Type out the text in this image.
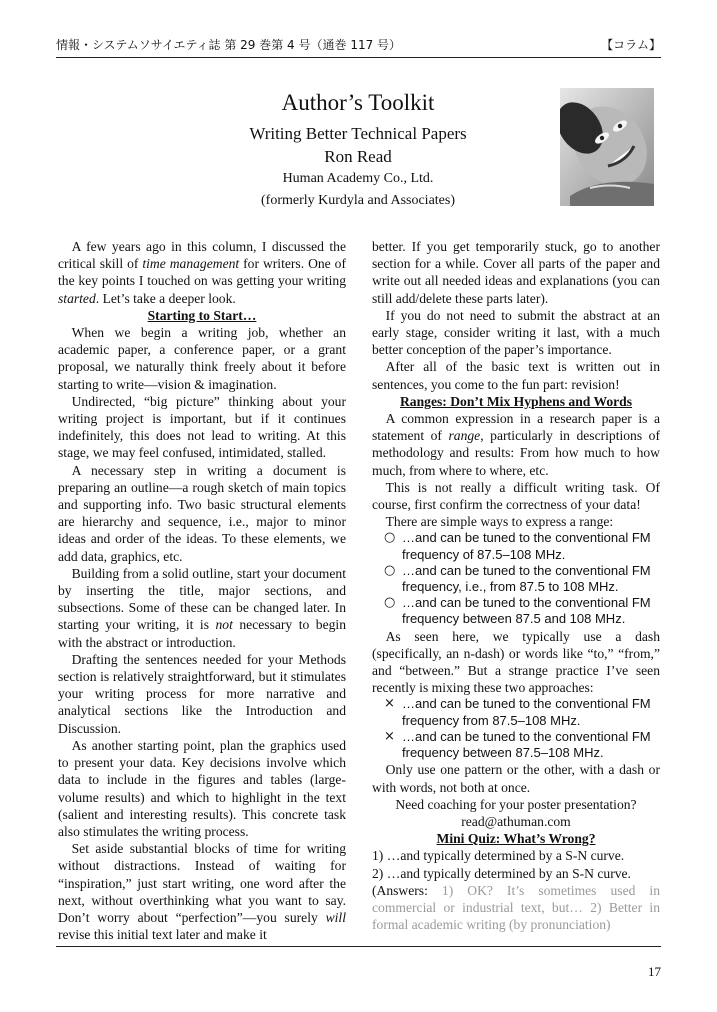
情報・システムソサイエティ誌 第 29 巻第 4 号（通巻 117 号）	【コラム】
Author’s Toolkit
Writing Better Technical Papers
Ron Read
Human Academy Co., Ltd.
(formerly Kurdyla and Associates)

A few years ago in this column, I discussed the critical skill of time management for writers. One of the key points I touched on was getting your writing started. Let’s take a deeper look.

Starting to Start…

When we begin a writing job, whether an academic paper, a conference paper, or a grant proposal, we naturally think freely about it before starting to write—vision & imagination.

Undirected, “big picture” thinking about your writing project is important, but if it continues indefinitely, this does not lead to writing. At this stage, we may feel confused, intimidated, stalled.

A necessary step in writing a document is preparing an outline—a rough sketch of main topics and supporting info. Two basic structural elements are hierarchy and sequence, i.e., major to minor ideas and order of the ideas. To these elements, we add data, graphics, etc.

Building from a solid outline, start your document by inserting the title, major sections, and subsections. Some of these can be changed later. In starting your writing, it is not necessary to begin with the abstract or introduction.

Drafting the sentences needed for your Methods section is relatively straightforward, but it stimulates your writing process for more narrative and analytical sections like the Introduction and Discussion.

As another starting point, plan the graphics used to present your data. Key decisions involve which data to include in the figures and tables (large-volume results) and which to highlight in the text (salient and interesting results). This concrete task also stimulates the writing process.

Set aside substantial blocks of time for writing without distractions. Instead of waiting for “inspiration,” just start writing, one word after the next, without overthinking what you want to say. Don’t worry about “perfection”—you surely will revise this initial text later and make it

better. If you get temporarily stuck, go to another section for a while. Cover all parts of the paper and write out all needed ideas and explanations (you can still add/delete these parts later).

If you do not need to submit the abstract at an early stage, consider writing it last, with a much better conception of the paper’s importance.

After all of the basic text is written out in sentences, you come to the fun part: revision!

Ranges: Don’t Mix Hyphens and Words

A common expression in a research paper is a statement of range, particularly in descriptions of methodology and results: From how much to how much, from where to where, etc.

This is not really a difficult writing task. Of course, first confirm the correctness of your data!

There are simple ways to express a range:

○ …and can be tuned to the conventional FM frequency of 87.5–108 MHz.
○ …and can be tuned to the conventional FM frequency, i.e., from 87.5 to 108 MHz.
○ …and can be tuned to the conventional FM frequency between 87.5 and 108 MHz.

As seen here, we typically use a dash (specifically, an n-dash) or words like “to,” “from,” and “between.” But a strange practice I’ve seen recently is mixing these two approaches:

× …and can be tuned to the conventional FM frequency from 87.5–108 MHz.
× …and can be tuned to the conventional FM frequency between 87.5–108 MHz.

Only use one pattern or the other, with a dash or with words, not both at once.

Need coaching for your poster presentation?

read@athuman.com

Mini Quiz: What’s Wrong?

1) …and typically determined by a S-N curve.

2) …and typically determined by an S-N curve.

(Answers: 1) OK? It’s sometimes used in commercial or industrial text, but… 2) Better in formal academic writing (by pronunciation)

17
